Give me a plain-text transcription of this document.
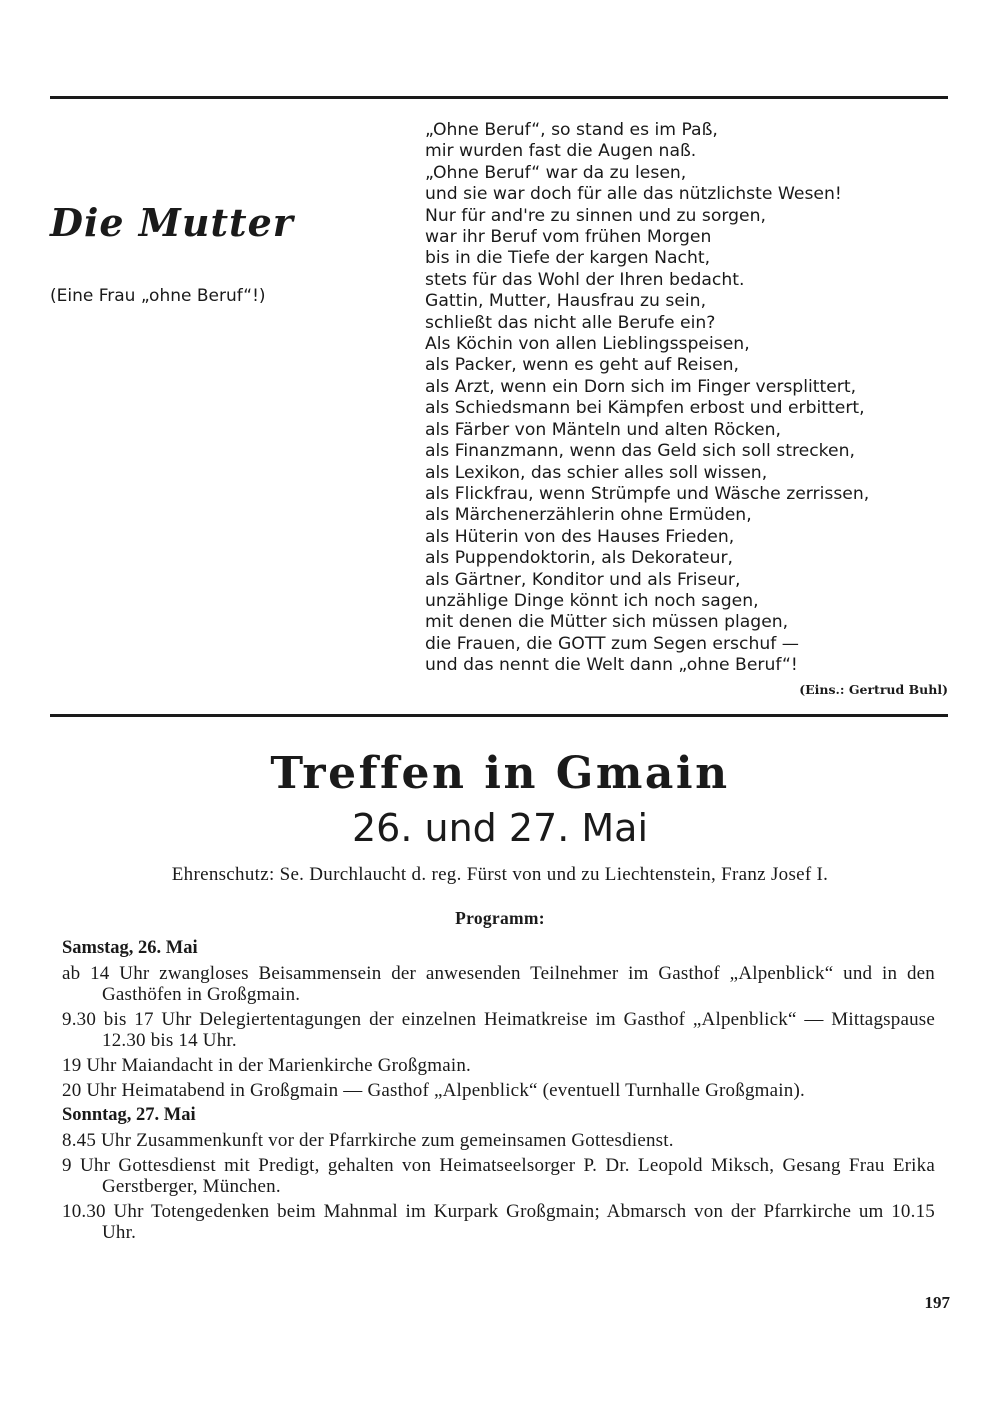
Die Mutter
(Eine Frau „ohne Beruf“!)
„Ohne Beruf“, so stand es im Paß,
mir wurden fast die Augen naß.
„Ohne Beruf“ war da zu lesen,
und sie war doch für alle das nützlichste Wesen!
Nur für and're zu sinnen und zu sorgen,
war ihr Beruf vom frühen Morgen
bis in die Tiefe der kargen Nacht,
stets für das Wohl der Ihren bedacht.
Gattin, Mutter, Hausfrau zu sein,
schließt das nicht alle Berufe ein?
Als Köchin von allen Lieblingsspeisen,
als Packer, wenn es geht auf Reisen,
als Arzt, wenn ein Dorn sich im Finger versplittert,
als Schiedsmann bei Kämpfen erbost und erbittert,
als Färber von Mänteln und alten Röcken,
als Finanzmann, wenn das Geld sich soll strecken,
als Lexikon, das schier alles soll wissen,
als Flickfrau, wenn Strümpfe und Wäsche zerrissen,
als Märchenerzählerin ohne Ermüden,
als Hüterin von des Hauses Frieden,
als Puppendoktorin, als Dekorateur,
als Gärtner, Konditor und als Friseur,
unzählige Dinge könnt ich noch sagen,
mit denen die Mütter sich müssen plagen,
die Frauen, die GOTT zum Segen erschuf —
und das nennt die Welt dann „ohne Beruf“!
(Eins.: Gertrud Buhl)
Treffen in Gmain
26. und 27. Mai
Ehrenschutz: Se. Durchlaucht d. reg. Fürst von und zu Liechtenstein, Franz Josef I.
Programm:
Samstag, 26. Mai
ab 14 Uhr zwangloses Beisammensein der anwesenden Teilnehmer im Gasthof „Alpenblick“ und in den Gasthöfen in Großgmain.
9.30 bis 17 Uhr Delegiertentagungen der einzelnen Heimatkreise im Gasthof „Alpenblick“ — Mittagspause 12.30 bis 14 Uhr.
19 Uhr Maiandacht in der Marienkirche Großgmain.
20 Uhr Heimatabend in Großgmain — Gasthof „Alpenblick“ (eventuell Turnhalle Großgmain).
Sonntag, 27. Mai
8.45 Uhr Zusammenkunft vor der Pfarrkirche zum gemeinsamen Gottesdienst.
9 Uhr Gottesdienst mit Predigt, gehalten von Heimatseelsorger P. Dr. Leopold Miksch, Gesang Frau Erika Gerstberger, München.
10.30 Uhr Totengedenken beim Mahnmal im Kurpark Großgmain; Abmarsch von der Pfarrkirche um 10.15 Uhr.
197
